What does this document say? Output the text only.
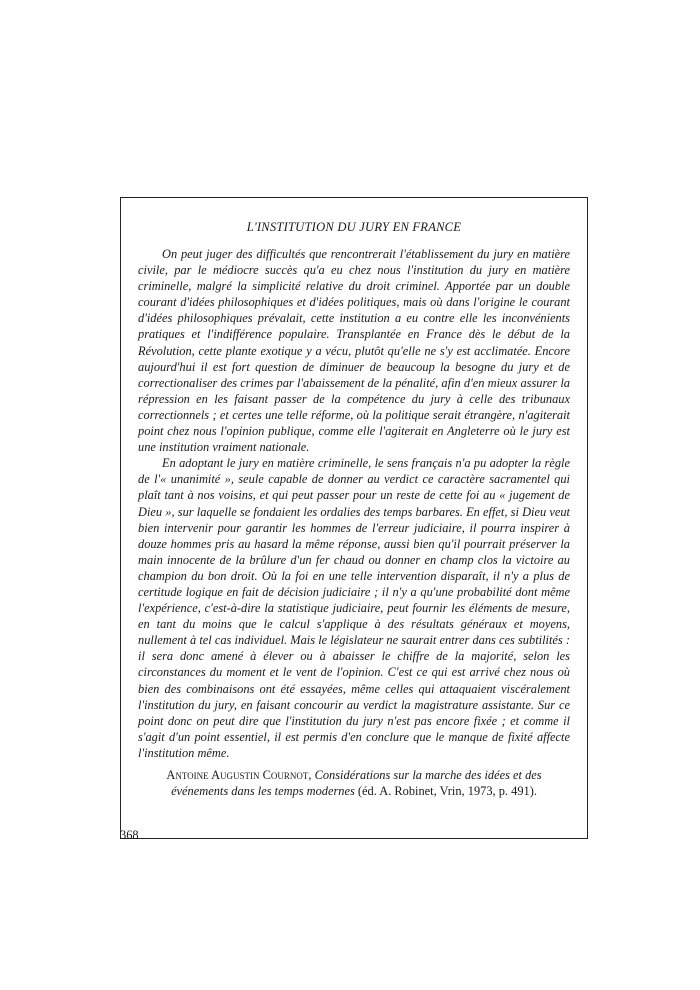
L'INSTITUTION DU JURY EN FRANCE

On peut juger des difficultés que rencontrerait l'établissement du jury en matière civile, par le médiocre succès qu'a eu chez nous l'institution du jury en matière criminelle, malgré la simplicité relative du droit criminel. Apportée par un double courant d'idées philosophiques et d'idées politiques, mais où dans l'origine le courant d'idées philosophiques prévalait, cette institution a eu contre elle les inconvénients pratiques et l'indifférence populaire. Transplantée en France dès le début de la Révolution, cette plante exotique y a vécu, plutôt qu'elle ne s'y est acclimatée. Encore aujourd'hui il est fort question de diminuer de beaucoup la besogne du jury et de correctionaliser des crimes par l'abaissement de la pénalité, afin d'en mieux assurer la répression en les faisant passer de la compétence du jury à celle des tribunaux correctionnels ; et certes une telle réforme, où la politique serait étrangère, n'agiterait point chez nous l'opinion publique, comme elle l'agiterait en Angleterre où le jury est une institution vraiment nationale.

En adoptant le jury en matière criminelle, le sens français n'a pu adopter la règle de l'« unanimité », seule capable de donner au verdict ce caractère sacramentel qui plaît tant à nos voisins, et qui peut passer pour un reste de cette foi au « jugement de Dieu », sur laquelle se fondaient les ordalies des temps barbares. En effet, si Dieu veut bien intervenir pour garantir les hommes de l'erreur judiciaire, il pourra inspirer à douze hommes pris au hasard la même réponse, aussi bien qu'il pourrait préserver la main innocente de la brûlure d'un fer chaud ou donner en champ clos la victoire au champion du bon droit. Où la foi en une telle intervention disparaît, il n'y a plus de certitude logique en fait de décision judiciaire ; il n'y a qu'une probabilité dont même l'expérience, c'est-à-dire la statistique judiciaire, peut fournir les éléments de mesure, en tant du moins que le calcul s'applique à des résultats généraux et moyens, nullement à tel cas individuel. Mais le législateur ne saurait entrer dans ces subtilités : il sera donc amené à élever ou à abaisser le chiffre de la majorité, selon les circonstances du moment et le vent de l'opinion. C'est ce qui est arrivé chez nous où bien des combinaisons ont été essayées, même celles qui attaquaient viscéralement l'institution du jury, en faisant concourir au verdict la magistrature assistante. Sur ce point donc on peut dire que l'institution du jury n'est pas encore fixée ; et comme il s'agit d'un point essentiel, il est permis d'en conclure que le manque de fixité affecte l'institution même.

Antoine Augustin Cournot, Considérations sur la marche des idées et des événements dans les temps modernes (éd. A. Robinet, Vrin, 1973, p. 491).
368
